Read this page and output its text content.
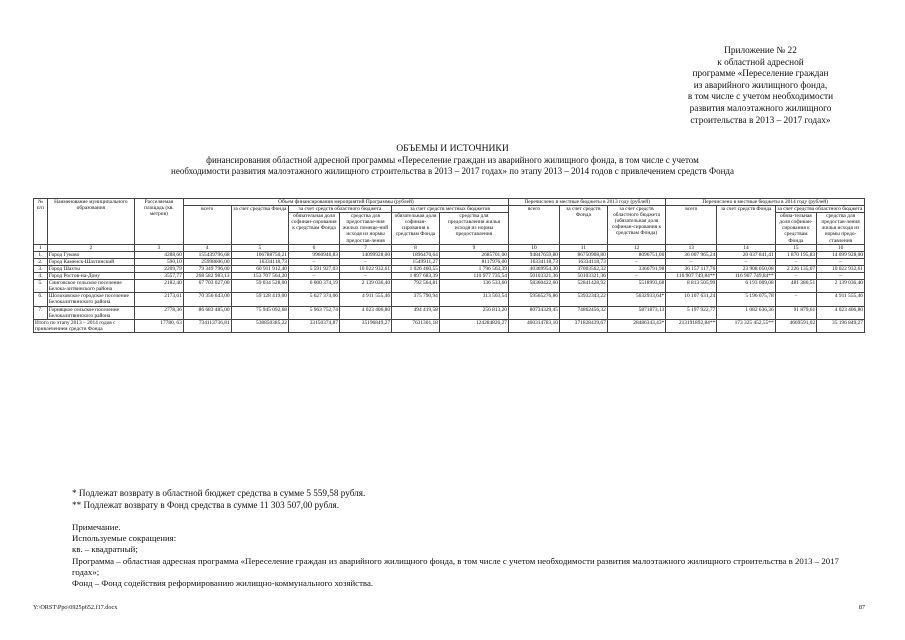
Приложение № 22
к областной адресной
программе «Переселение граждан
из аварийного жилищного фонда,
в том числе с учетом необходимости
развития малоэтажного жилищного
строительства в 2013 – 2017 годах»
ОБЪЕМЫ И ИСТОЧНИКИ
финансирования областной адресной программы «Переселение граждан из аварийного жилищного фонда, в том числе с учетом
необходимости развития малоэтажного жилищного строительства в 2013 – 2017 годах» по этапу 2013 – 2014 годов с привлечением средств Фонда
№ п/п	Наименование муниципального образования	Расселяемая площадь (кв. метров)	Объем финансирования мероприятий Программы (рублей)						Перечислено в местные бюджеты в 2013 году (рублей)			Перечислено в местные бюджеты в 2014 году (рублей)			
			всего	за счет средства Фонда	за счет средств областного бюджета		за счет средств местных бюджетов		всего	за счет средств Фонда	за счет средств областного бюджета (обязательная доля софинан-сирования к средствам Фонда)	всего	за счет средств Фонда	за счет средства областного бюджета	
					обязательная доля софинан-сирования к средствам Фонда	средства для предоставле-ния жилых помеще-ний исходя из нормы предостав-ления	обязательная доля софинан-сирования к средствам Фонда	средства для предоставления жилья исходя из нормы предоставления						обяза-тельная доля софинан-сирования к средствам Фонда	средства для предостав-ления жилья исходя из нормы предо-ставления
1	2	3	4	5	6	7	8	9	10	11	12	13	14	15	16
1.	Город Гуково	4288,60	155439796,68	106788750,21	9960946,83	14099928,00	1896470,64	2685701,00	94847659,80	86750908,80	8096751,00	36 007 965,24	20 037 841,41	1 870 195,83	14 099 928,00
2.	Город Каменск-Шахтинский	590,10	25998606,00	16334118,73	–	–	1549911,27	8117976,00	16334118,73	16334118,73	–	–	–	–	–
3.	Город Шахты	2209,79	79 349 796,00	60 911 912,40	5 591 927,03	10 022 932,61	1 026 460,55	1 796 563,39	40369954,30	37003562,32	3366791,98	36 157 117,76	23 908 050,08	2 226 135,07	10 022 932,61
4.	Город Ростов-на-Дону	3557,77	268 582 983,13	153 707 564,20	–	–	1 897 683,39	110 977 735,54	50103321,36	50103321,36	–	116 907 749,84**	116 907 749,84**	–	–
5.	Сниговское сельское поселение Белока-литвинского района	2182,40	67 703 027,00	59 034 528,00	6 000 374,19	2 139 036,40	792 564,81	136 533,60	58360422,60	52841428,92	5518993,68	8 813 505,99	6 193 009,08	481 380,51	2 139 036,40
6.	Шолоховское городское поселение Белокалитвинского района	2173,61	70 356 643,00	59 128 419,00	5 627 374,06	4 911 555,46	375 790,94	313 503,54	59565276,86	53932343,22	5632933,64*	10 107 631,24	5 196 075,78	–	4 911 555,46
7.	Горняцкое сельское поселение Белокалитвинского района	2778,36	86 683 485,00	75 945 092,68	5 963 752,74	4 023 406,80	494 419,58	256 813,20	80734329,45	74862456,32	5871873,13	5 197 922,77	1 082 636,36	91 879,61	4 023 406,80
Итого по этапу 2013 – 2014 годов с привлечением средств Фонда		17780, 63	734113736,81	538850385,22	33150374,87	35196849,27	7631301,18	124284826,27	400314783,10	371828439,67	28486343,43*	213191892,84**	173 325 452,55**	4669591,02	35 196 849,27
* Подлежат возврату в областной бюджет средства в сумме 5 559,58 рубля.
** Подлежат возврату в Фонд средства в сумме 11 303 507,00 рубля.
Примечание.
Используемые сокращения:
кв. – квадратный;
Программа – областная адресная программа «Переселение граждан из аварийного жилищного фонда, в том числе с учетом необходимости развития малоэтажного жилищного строительства в 2013 – 2017 годах»;
Фонд – Фонд содействия реформированию жилищно-коммунального хозяйства.
Y:\ORST\Ppo\0925p652.f17.docx	87
